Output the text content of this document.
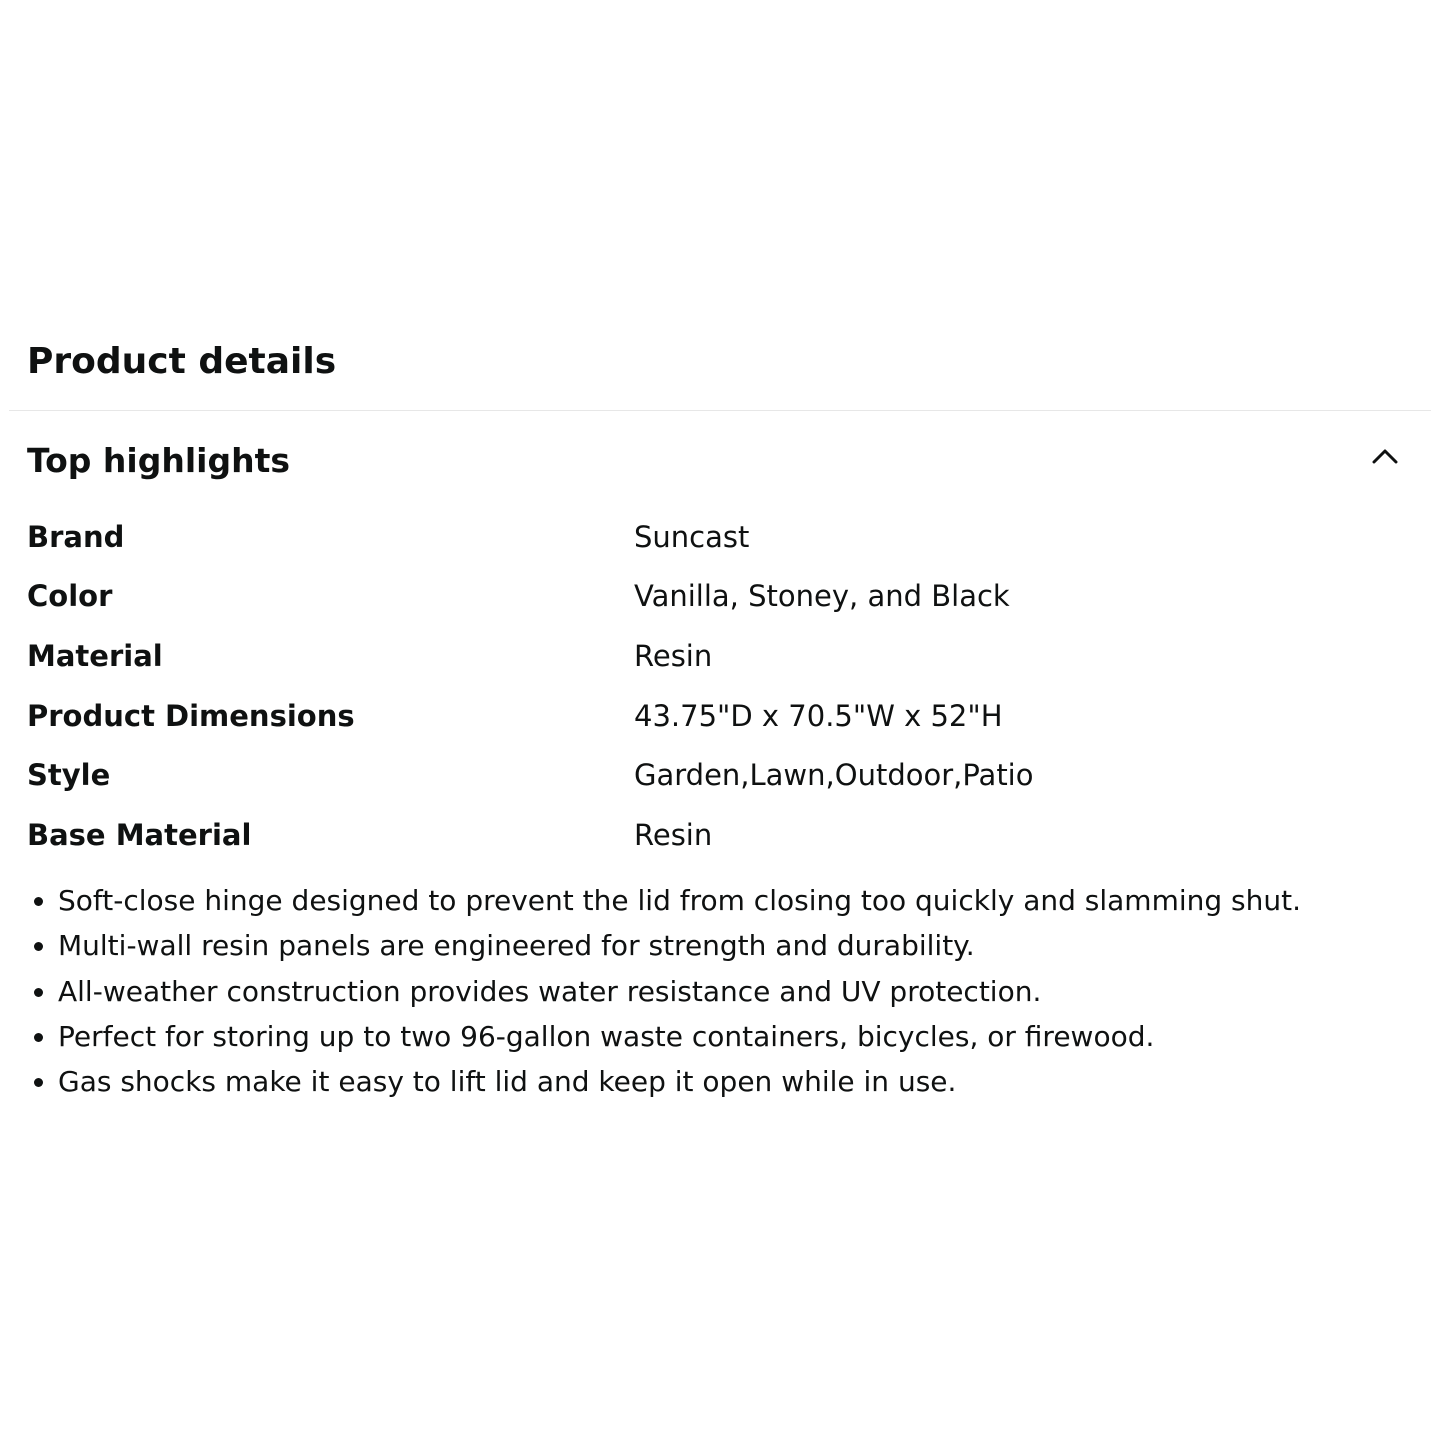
Product details
Top highlights
Brand	Suncast
Color	Vanilla, Stoney, and Black
Material	Resin
Product Dimensions	43.75"D x 70.5"W x 52"H
Style	Garden,Lawn,Outdoor,Patio
Base Material	Resin
• Soft-close hinge designed to prevent the lid from closing too quickly and slamming shut.
• Multi-wall resin panels are engineered for strength and durability.
• All-weather construction provides water resistance and UV protection.
• Perfect for storing up to two 96-gallon waste containers, bicycles, or firewood.
• Gas shocks make it easy to lift lid and keep it open while in use.
